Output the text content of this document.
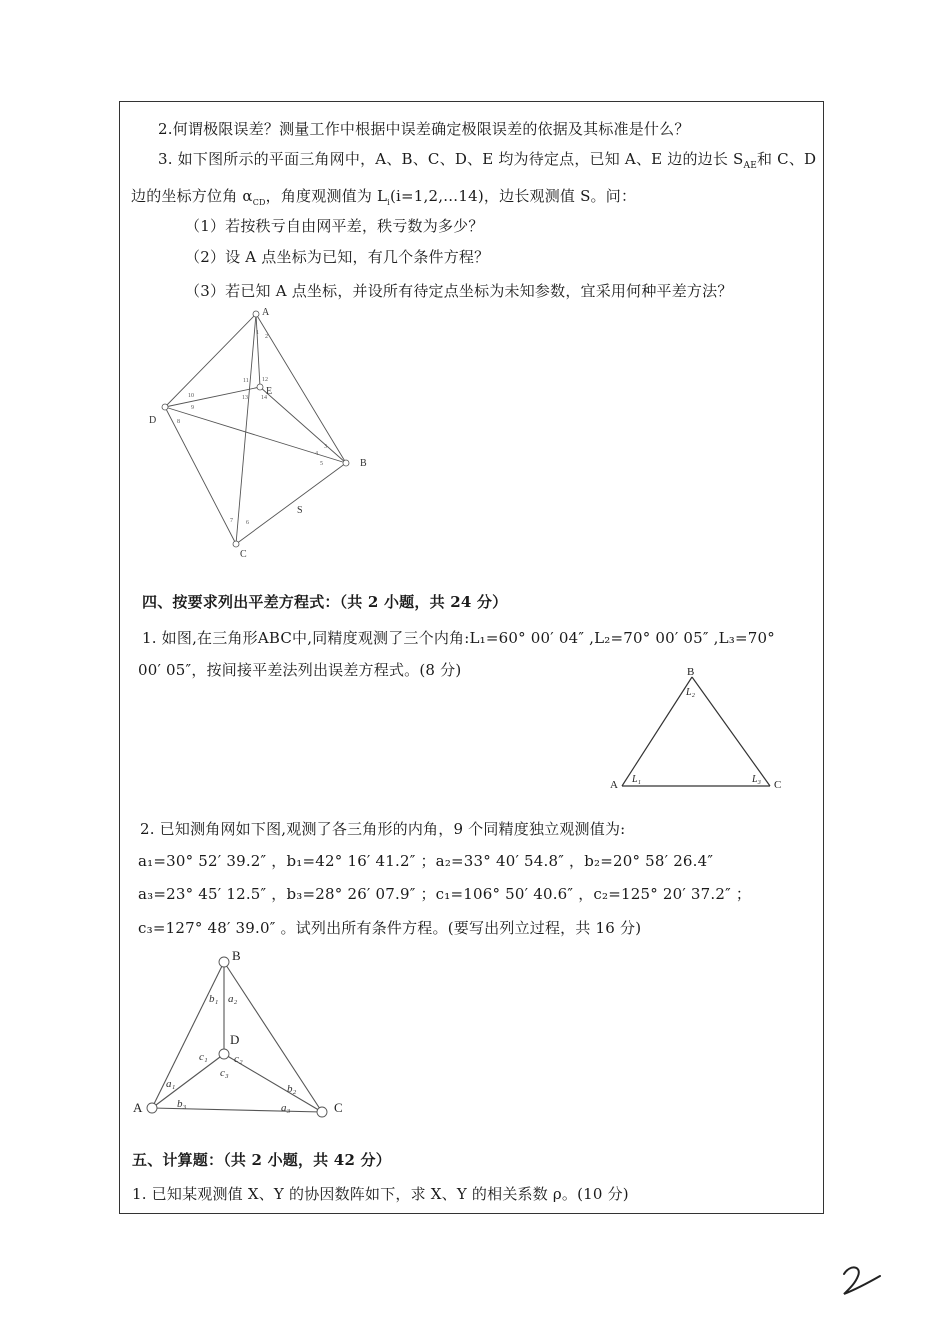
2.何谓极限误差？测量工作中根据中误差确定极限误差的依据及其标准是什么？
3. 如下图所示的平面三角网中，A、B、C、D、E 均为待定点，已知 A、E 边的边长 $S_{AE}$和 C、D
边的坐标方位角 $\alpha_{CD}$，角度观测值为 $L_i(i=1,2,\dots 14)$，边长观测值 S。问：
（1）若按秩亏自由网平差，秩亏数为多少？
（2）设 A 点坐标为已知，有几个条件方程？
（3）若已知 A 点坐标，并设所有待定点坐标为未知参数，宜采用何种平差方法？
A
B
C
D
E
S
1
2
3
4
5
6
7
8
9
10
11 12
13 14
四、按要求列出平差方程式：（共 2 小题，共 24 分）
1. 如图,在三角形ABC中,同精度观测了三个内角:L₁=60° 00′ 04″ ,L₂=70° 00′ 05″ ,L₃=70°
00′ 05″，按间接平差法列出误差方程式。(8 分)	B
A	C
L₂
L₁	L₃
2. 已知测角网如下图,观测了各三角形的内角，9 个同精度独立观测值为:
a₁=30° 52′ 39.2″ ，b₁=42° 16′ 41.2″ ；a₂=33° 40′ 54.8″ ，b₂=20° 58′ 26.4″
a₃=23° 45′ 12.5″ ，b₃=28° 26′ 07.9″ ；c₁=106° 50′ 40.6″ ，c₂=125° 20′ 37.2″ ；
c₃=127° 48′ 39.0″ 。试列出所有条件方程。(要写出列立过程，共 16 分)
B
D
A	C
b₁ a₂
c₁ c₂
c₃
a₁
b₃
b₂
a₃
五、计算题：（共 2 小题，共 42 分）
1. 已知某观测值 X、Y 的协因数阵如下，求 X、Y 的相关系数 ρ。(10 分)
